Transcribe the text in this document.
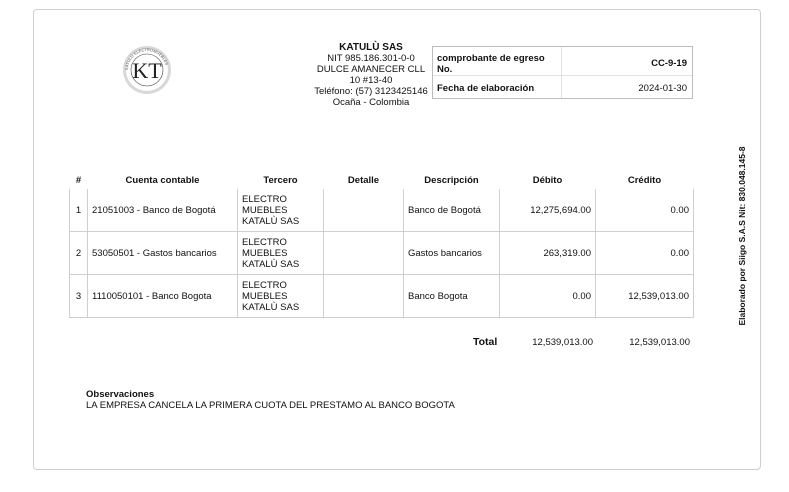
KATULÙ ELECTROMUEBLES
KT
KATULÙ SAS
NIT 985.186.301-0-0
DULCE AMANECER CLL
10 #13-40
Teléfono: (57) 3123425146
Ocaña - Colombia
comprobante de egreso No.
CC-9-19
Fecha de elaboración	2024-01-30
#	Cuenta contable	Tercero	Detalle	Descripción	Débito	Crédito
1	21051003 - Banco de Bogotá	ELECTRO
MUEBLES
KATALÙ SAS		Banco de Bogotá	12,275,694.00	0.00
2	53050501 - Gastos bancarios	ELECTRO
MUEBLES
KATALÙ SAS		Gastos bancarios	263,319.00	0.00
3	1110050101 - Banco Bogota	ELECTRO
MUEBLES
KATALÙ SAS		Banco Bogota	0.00	12,539,013.00
Total	12,539,013.00	12,539,013.00
Observaciones
LA EMPRESA CANCELA LA PRIMERA CUOTA DEL PRESTAMO AL BANCO BOGOTA
Elaborado por Siigo S.A.S Nit: 830.048.145-8
